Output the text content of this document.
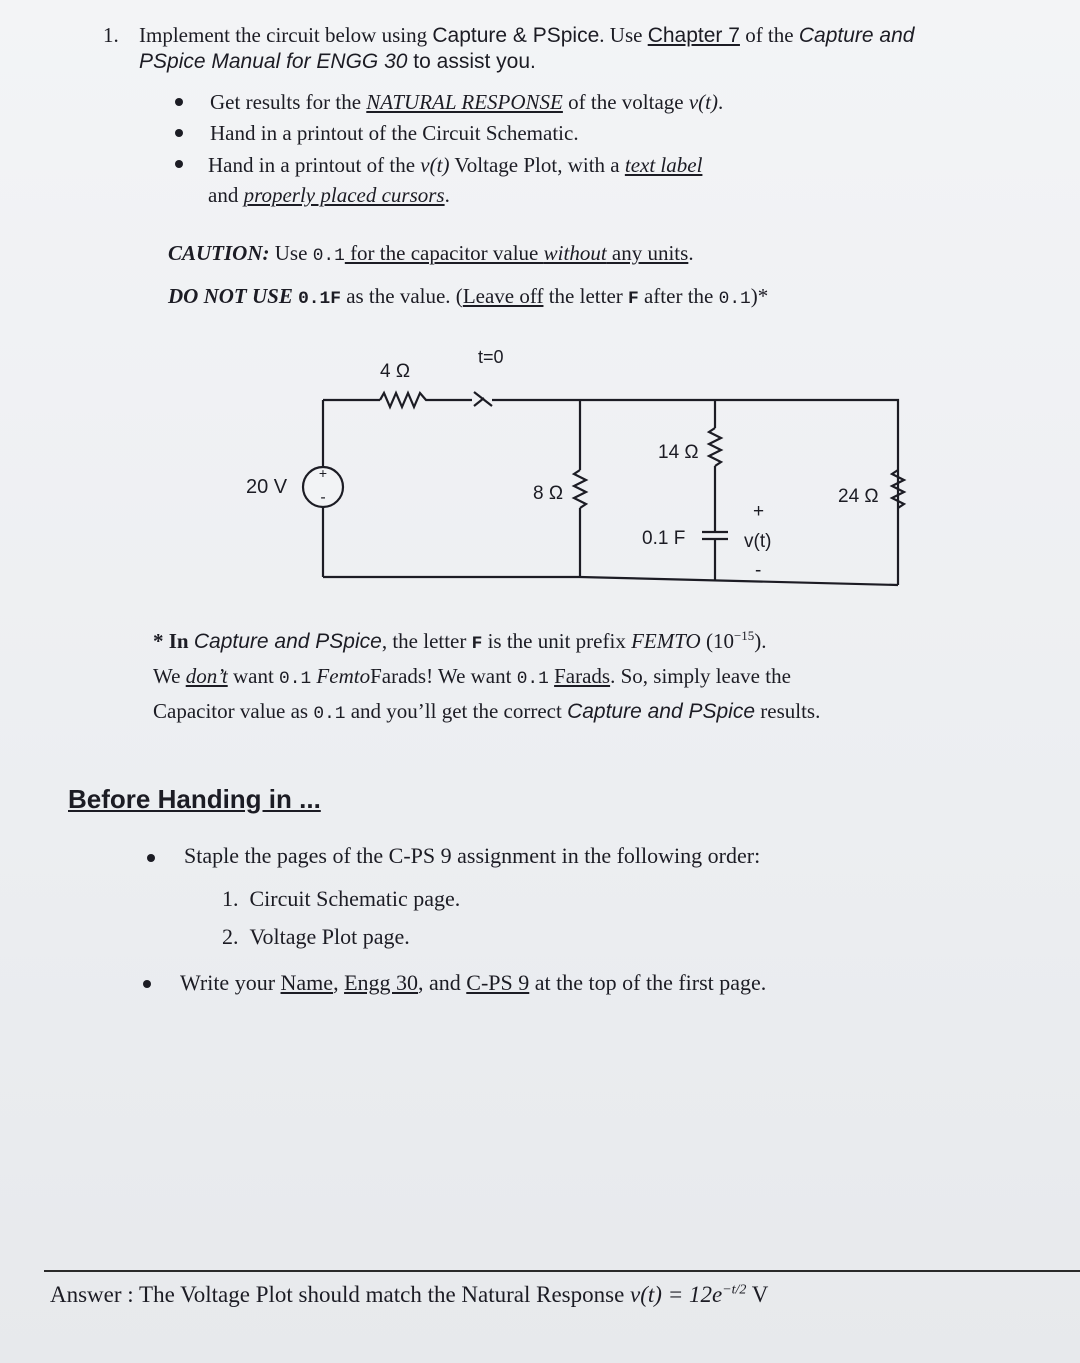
1. Implement the circuit below using Capture & PSpice. Use Chapter 7 of the Capture and
PSpice Manual for ENGG 30 to assist you.
Get results for the NATURAL RESPONSE of the voltage v(t).
Hand in a printout of the Circuit Schematic.
Hand in a printout of the v(t) Voltage Plot, with a text label
and properly placed cursors.
CAUTION: Use 0.1 for the capacitor value without any units.
DO NOT USE 0.1F as the value. (Leave off the letter F after the 0.1)*
+
-
20 V
4 Ω
t=0
8 Ω
14 Ω
0.1 F
24 Ω
+
v(t)
-
* In Capture and PSpice, the letter F is the unit prefix FEMTO $(10^{-15})$.
We don’t want 0.1 FemtoFarads! We want 0.1 Farads. So, simply leave the
Capacitor value as 0.1 and you’ll get the correct Capture and PSpice results.
Before Handing in ...
Staple the pages of the C-PS 9 assignment in the following order:
1. Circuit Schematic page.
2. Voltage Plot page.
Write your Name, Engg 30, and C-PS 9 at the top of the first page.
Answer : The Voltage Plot should match the Natural Response $v(t) = 12e^{-t/2}$ V
